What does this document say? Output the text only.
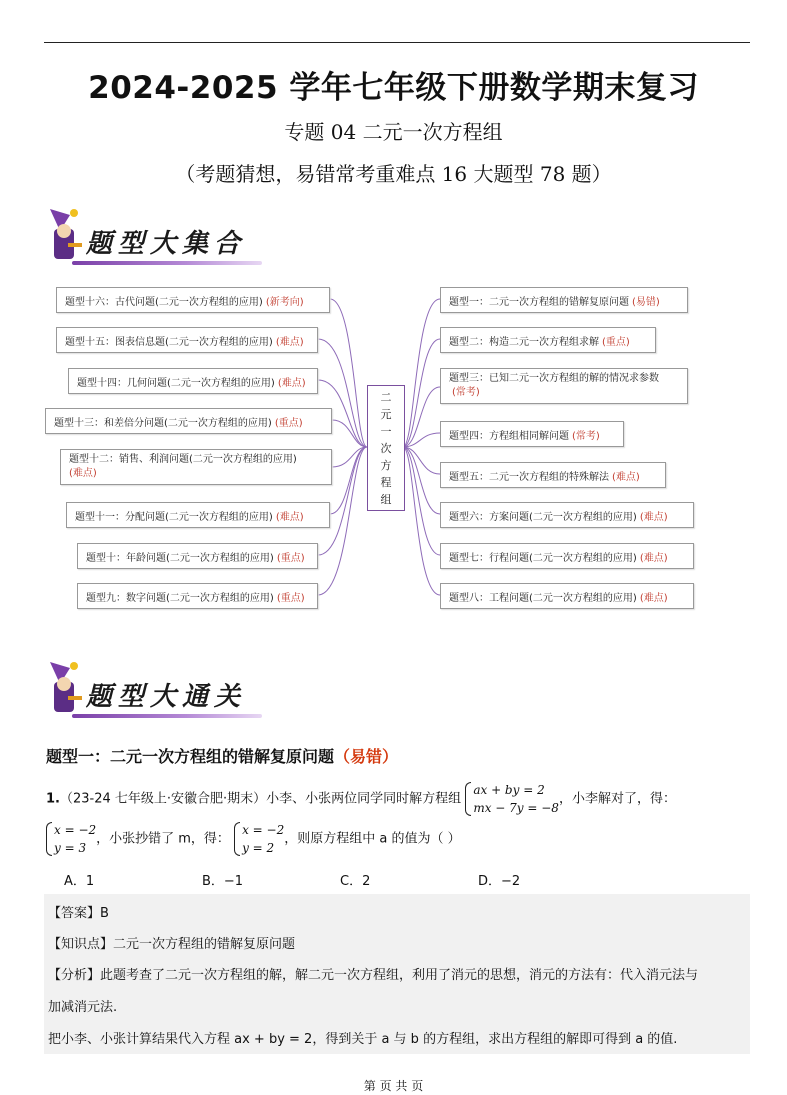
2024-2025 学年七年级下册数学期末复习
专题 04 二元一次方程组
（考题猜想，易错常考重难点 16 大题型 78 题）
题型大集合
二
元
一
次
方
程
组
题型十六：古代问题(二元一次方程组的应用) (新考向)
题型十五：图表信息题(二元一次方程组的应用) (难点)
题型十四：几何问题(二元一次方程组的应用) (难点)
题型十三：和差倍分问题(二元一次方程组的应用) (重点)
题型十二：销售、利润问题(二元一次方程组的应用)
(难点)
题型十一：分配问题(二元一次方程组的应用) (难点)
题型十：年龄问题(二元一次方程组的应用) (重点)
题型九：数字问题(二元一次方程组的应用) (重点)
题型一：二元一次方程组的错解复原问题 (易错)
题型二：构造二元一次方程组求解 (重点)
题型三：已知二元一次方程组的解的情况求参数
(常考)
题型四：方程组相同解问题 (常考)
题型五：二元一次方程组的特殊解法 (难点)
题型六：方案问题(二元一次方程组的应用) (难点)
题型七：行程问题(二元一次方程组的应用) (难点)
题型八：工程问题(二元一次方程组的应用) (难点)
题型大通关
题型一：二元一次方程组的错解复原问题（易错）
1.（23-24 七年级上·安徽合肥·期末）小李、小张两位同学同时解方程组 ax + by = 2
mx − 7y = −8，小李解对了，得：
x = −2
y = 3，小张抄错了 m，得： x = −2
y = 2，则原方程组中 a 的值为（ ）
A．1	B．−1	C．2	D．−2
【答案】B
【知识点】二元一次方程组的错解复原问题
【分析】此题考查了二元一次方程组的解，解二元一次方程组，利用了消元的思想，消元的方法有：代入消元法与
加减消元法.
把小李、小张计算结果代入方程 ax + by = 2，得到关于 a 与 b 的方程组，求出方程组的解即可得到 a 的值.
第 页 共 页
